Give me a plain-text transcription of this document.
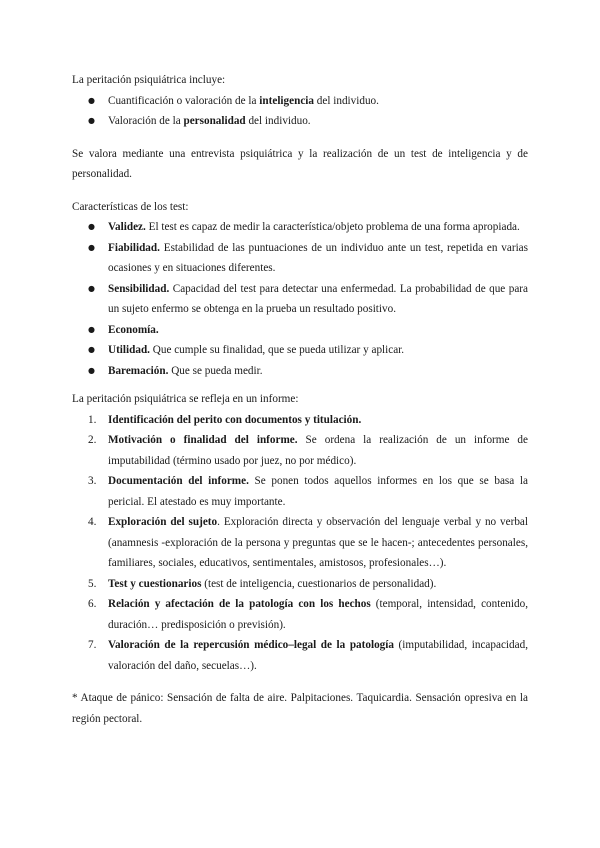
La peritación psiquiátrica incluye:

● Cuantificación o valoración de la inteligencia del individuo.
● Valoración de la personalidad del individuo.

Se valora mediante una entrevista psiquiátrica y la realización de un test de inteligencia y de personalidad.

Características de los test:

● Validez. El test es capaz de medir la característica/objeto problema de una forma apropiada.
● Fiabilidad. Estabilidad de las puntuaciones de un individuo ante un test, repetida en varias ocasiones y en situaciones diferentes.
● Sensibilidad. Capacidad del test para detectar una enfermedad. La probabilidad de que para un sujeto enfermo se obtenga en la prueba un resultado positivo.
● Economía.
● Utilidad. Que cumple su finalidad, que se pueda utilizar y aplicar.
● Baremación. Que se pueda medir.

La peritación psiquiátrica se refleja en un informe:

1. Identificación del perito con documentos y titulación.
2. Motivación o finalidad del informe. Se ordena la realización de un informe de imputabilidad (término usado por juez, no por médico).
3. Documentación del informe. Se ponen todos aquellos informes en los que se basa la pericial. El atestado es muy importante.
4. Exploración del sujeto. Exploración directa y observación del lenguaje verbal y no verbal (anamnesis -exploración de la persona y preguntas que se le hacen-; antecedentes personales, familiares, sociales, educativos, sentimentales, amistosos, profesionales…).
5. Test y cuestionarios (test de inteligencia, cuestionarios de personalidad).
6. Relación y afectación de la patología con los hechos (temporal, intensidad, contenido, duración… predisposición o previsión).
7. Valoración de la repercusión médico–legal de la patología (imputabilidad, incapacidad, valoración del daño, secuelas…).

* Ataque de pánico: Sensación de falta de aire. Palpitaciones. Taquicardia. Sensación opresiva en la región pectoral.
